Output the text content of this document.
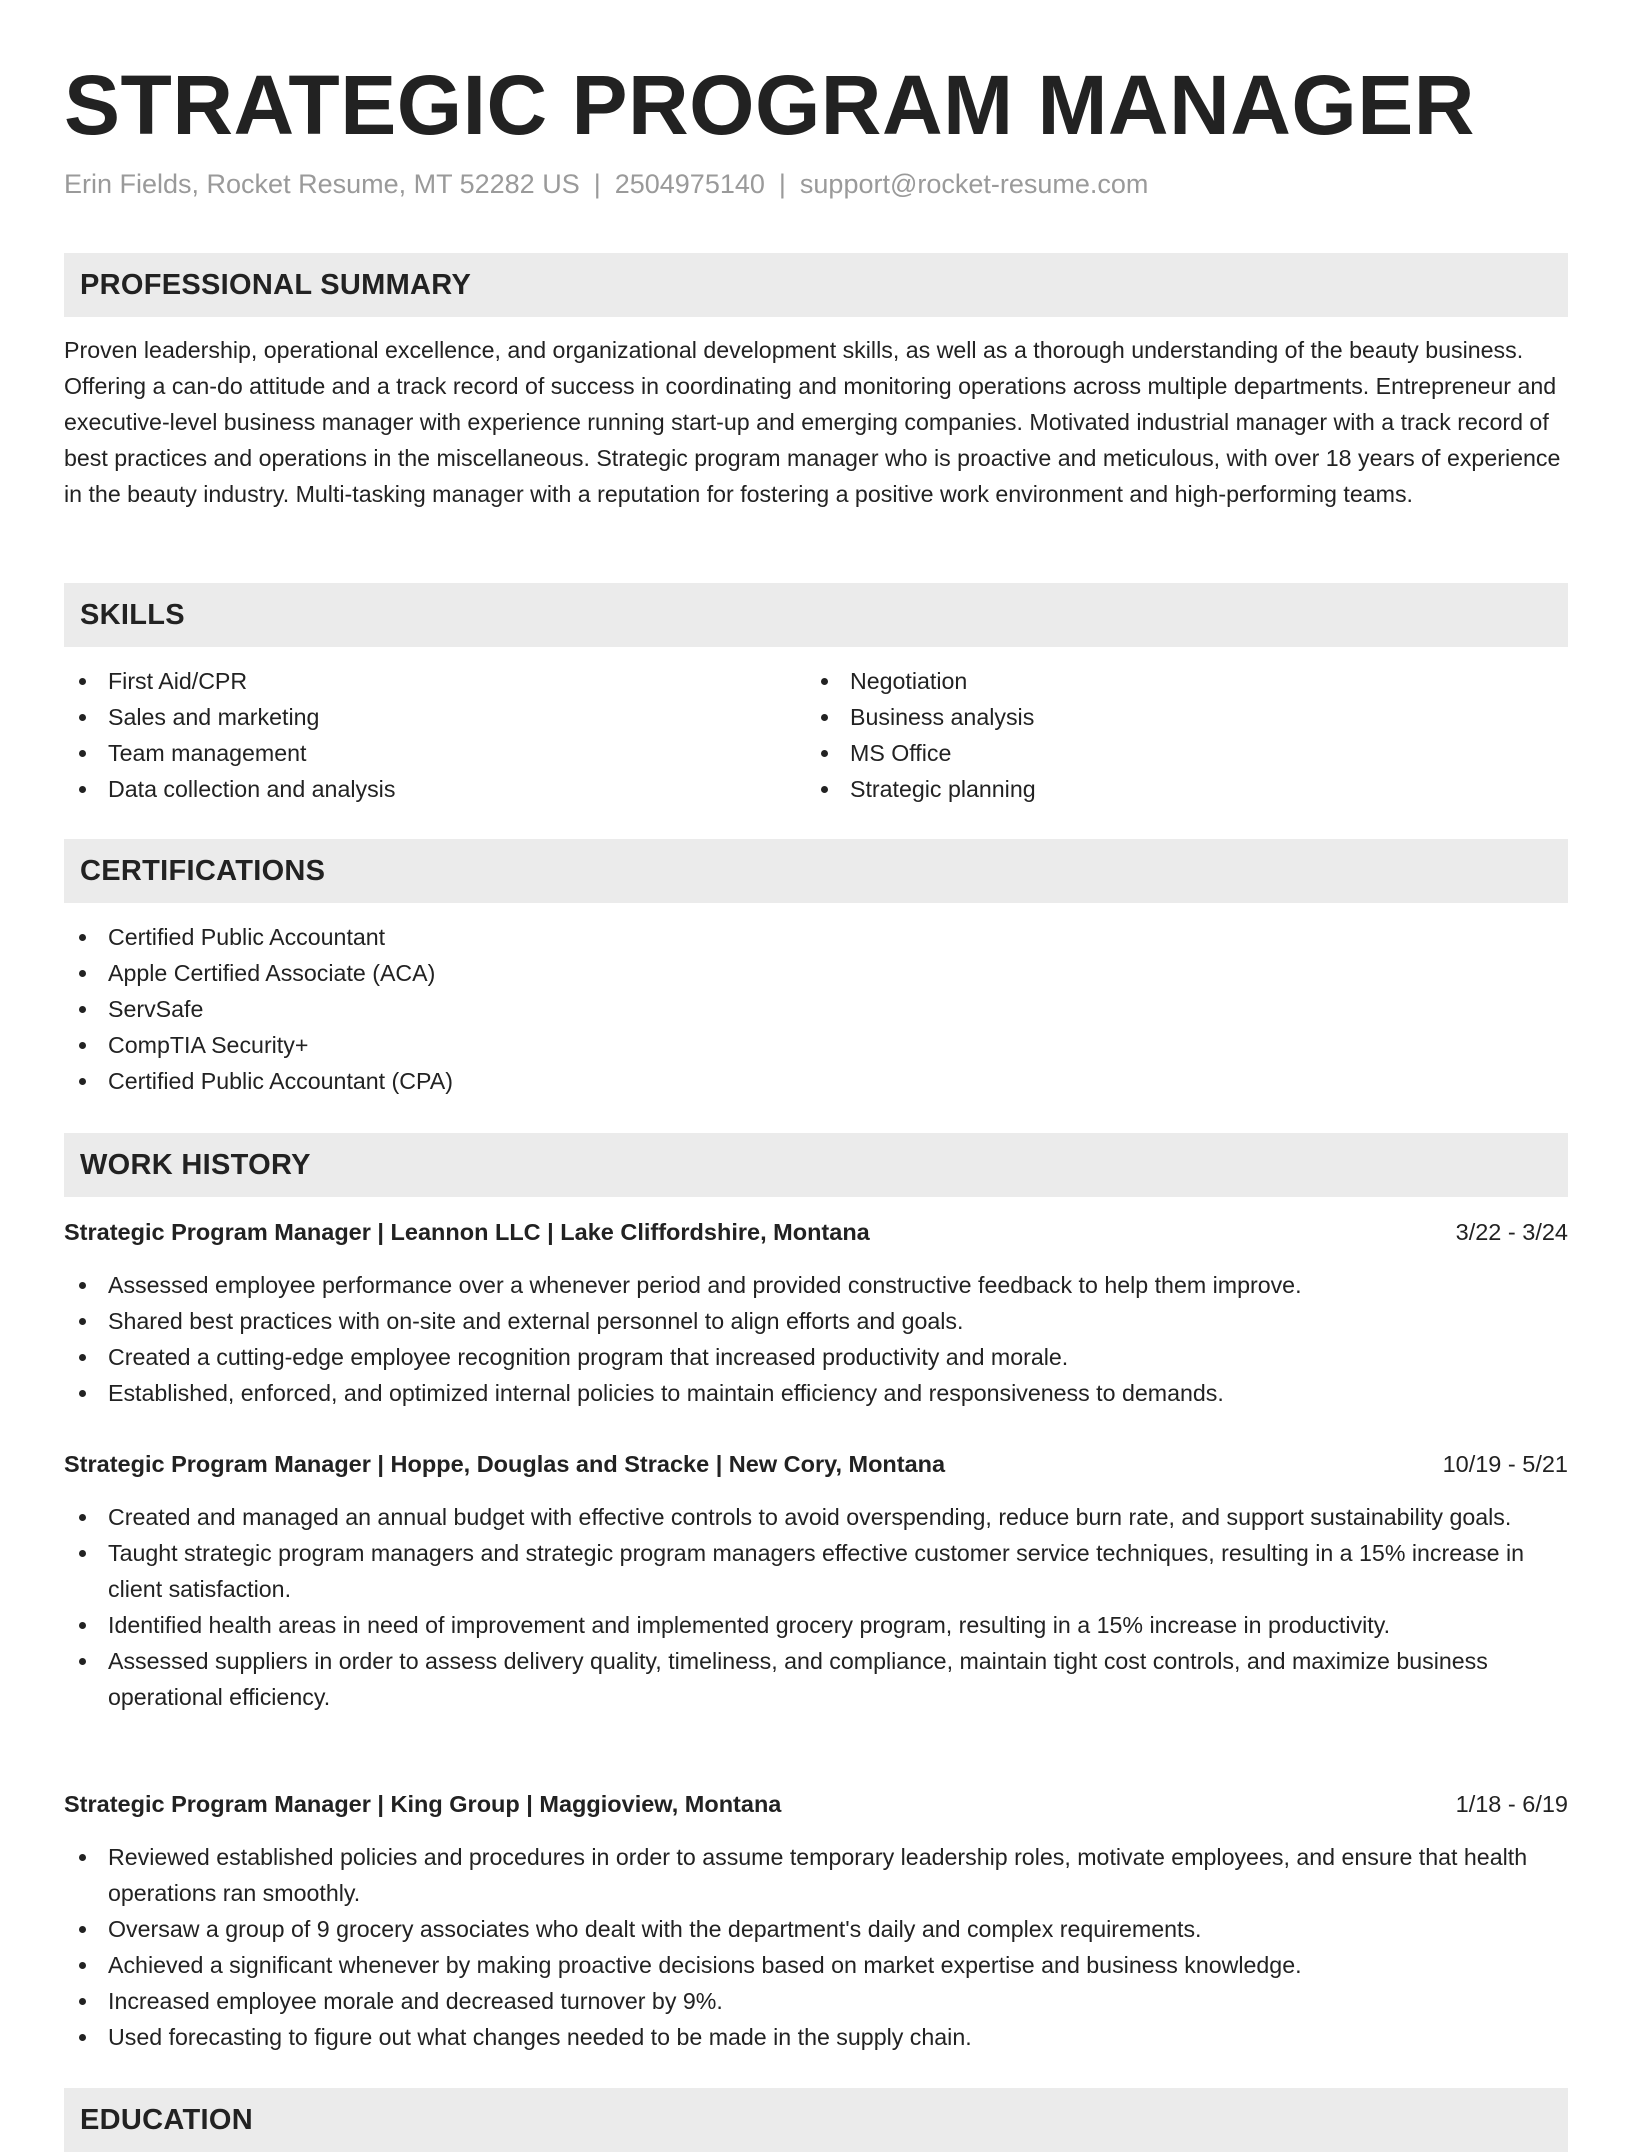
STRATEGIC PROGRAM MANAGER
Erin Fields, Rocket Resume, MT 52282 US | 2504975140 | support@rocket-resume.com
PROFESSIONAL SUMMARY

Proven leadership, operational excellence, and organizational development skills, as well as a thorough understanding of the beauty business. Offering a can-do attitude and a track record of success in coordinating and monitoring operations across multiple departments. Entrepreneur and executive-level business manager with experience running start-up and emerging companies. Motivated industrial manager with a track record of best practices and operations in the miscellaneous. Strategic program manager who is proactive and meticulous, with over 18 years of experience in the beauty industry. Multi-tasking manager with a reputation for fostering a positive work environment and high-performing teams.

SKILLS
First Aid/CPR
Sales and marketing
Team management
Data collection and analysis
Negotiation
Business analysis
MS Office
Strategic planning
CERTIFICATIONS
Certified Public Accountant
Apple Certified Associate (ACA)
ServSafe
CompTIA Security+
Certified Public Accountant (CPA)
WORK HISTORY
Strategic Program Manager | Leannon LLC | Lake Cliffordshire, Montana	3/22 - 3/24
Assessed employee performance over a whenever period and provided constructive feedback to help them improve.
Shared best practices with on-site and external personnel to align efforts and goals.
Created a cutting-edge employee recognition program that increased productivity and morale.
Established, enforced, and optimized internal policies to maintain efficiency and responsiveness to demands.
Strategic Program Manager | Hoppe, Douglas and Stracke | New Cory, Montana	10/19 - 5/21
Created and managed an annual budget with effective controls to avoid overspending, reduce burn rate, and support sustainability goals.
Taught strategic program managers and strategic program managers effective customer service techniques, resulting in a 15% increase in client satisfaction.
Identified health areas in need of improvement and implemented grocery program, resulting in a 15% increase in productivity.
Assessed suppliers in order to assess delivery quality, timeliness, and compliance, maintain tight cost controls, and maximize business operational efficiency.
Strategic Program Manager | King Group | Maggioview, Montana	1/18 - 6/19
Reviewed established policies and procedures in order to assume temporary leadership roles, motivate employees, and ensure that health operations ran smoothly.
Oversaw a group of 9 grocery associates who dealt with the department's daily and complex requirements.
Achieved a significant whenever by making proactive decisions based on market expertise and business knowledge.
Increased employee morale and decreased turnover by 9%.
Used forecasting to figure out what changes needed to be made in the supply chain.
EDUCATION
